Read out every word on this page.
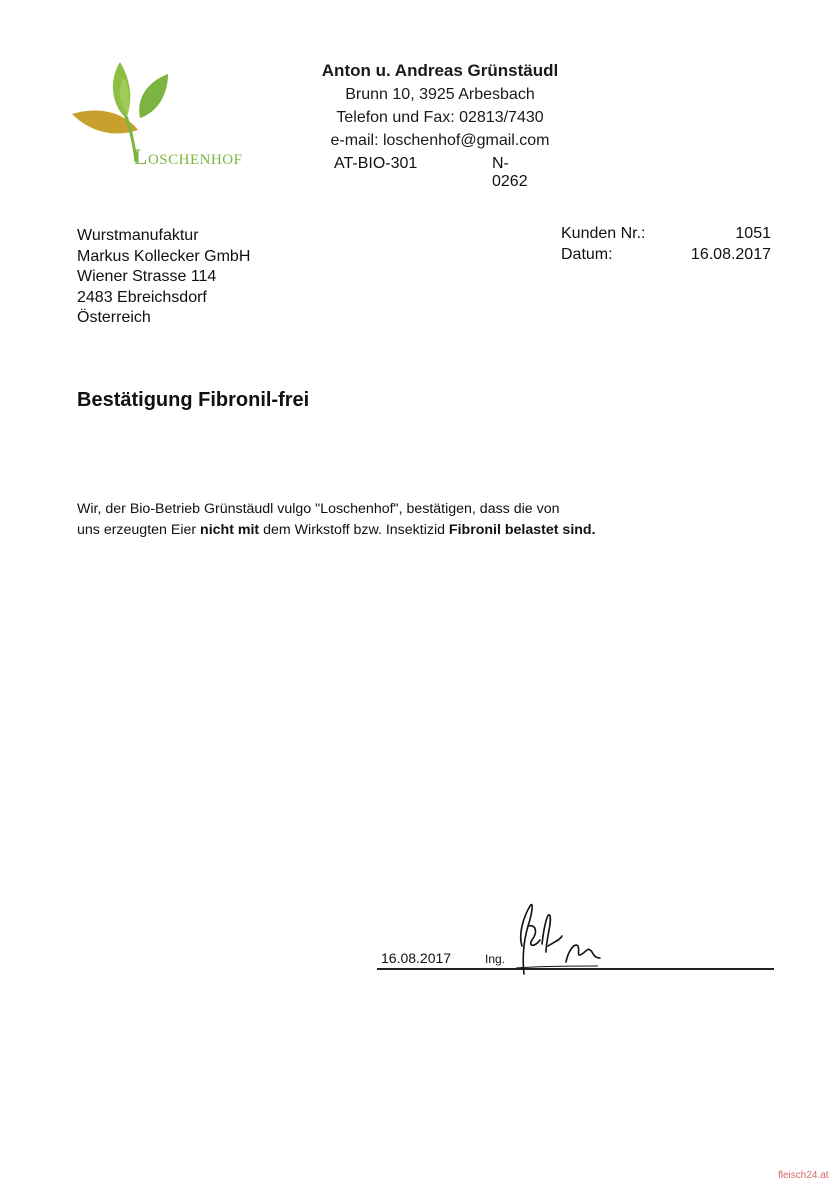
LOSCHENHOF
Anton u. Andreas Grünstäudl
Brunn 10, 3925 Arbesbach
Telefon und Fax: 02813/7430
e-mail: loschenhof@gmail.com
AT-BIO-301	N-0262
Wurstmanufaktur
Markus Kollecker GmbH
Wiener Strasse 114
2483 Ebreichsdorf
Österreich
Kunden Nr.:	1051
Datum:	16.08.2017
Bestätigung Fibronil-frei
Wir, der Bio-Betrieb Grünstäudl vulgo "Loschenhof", bestätigen, dass die von
uns erzeugten Eier nicht mit dem Wirkstoff bzw. Insektizid Fibronil belastet sind.
16.08.2017	Ing.
fleisch24.at
